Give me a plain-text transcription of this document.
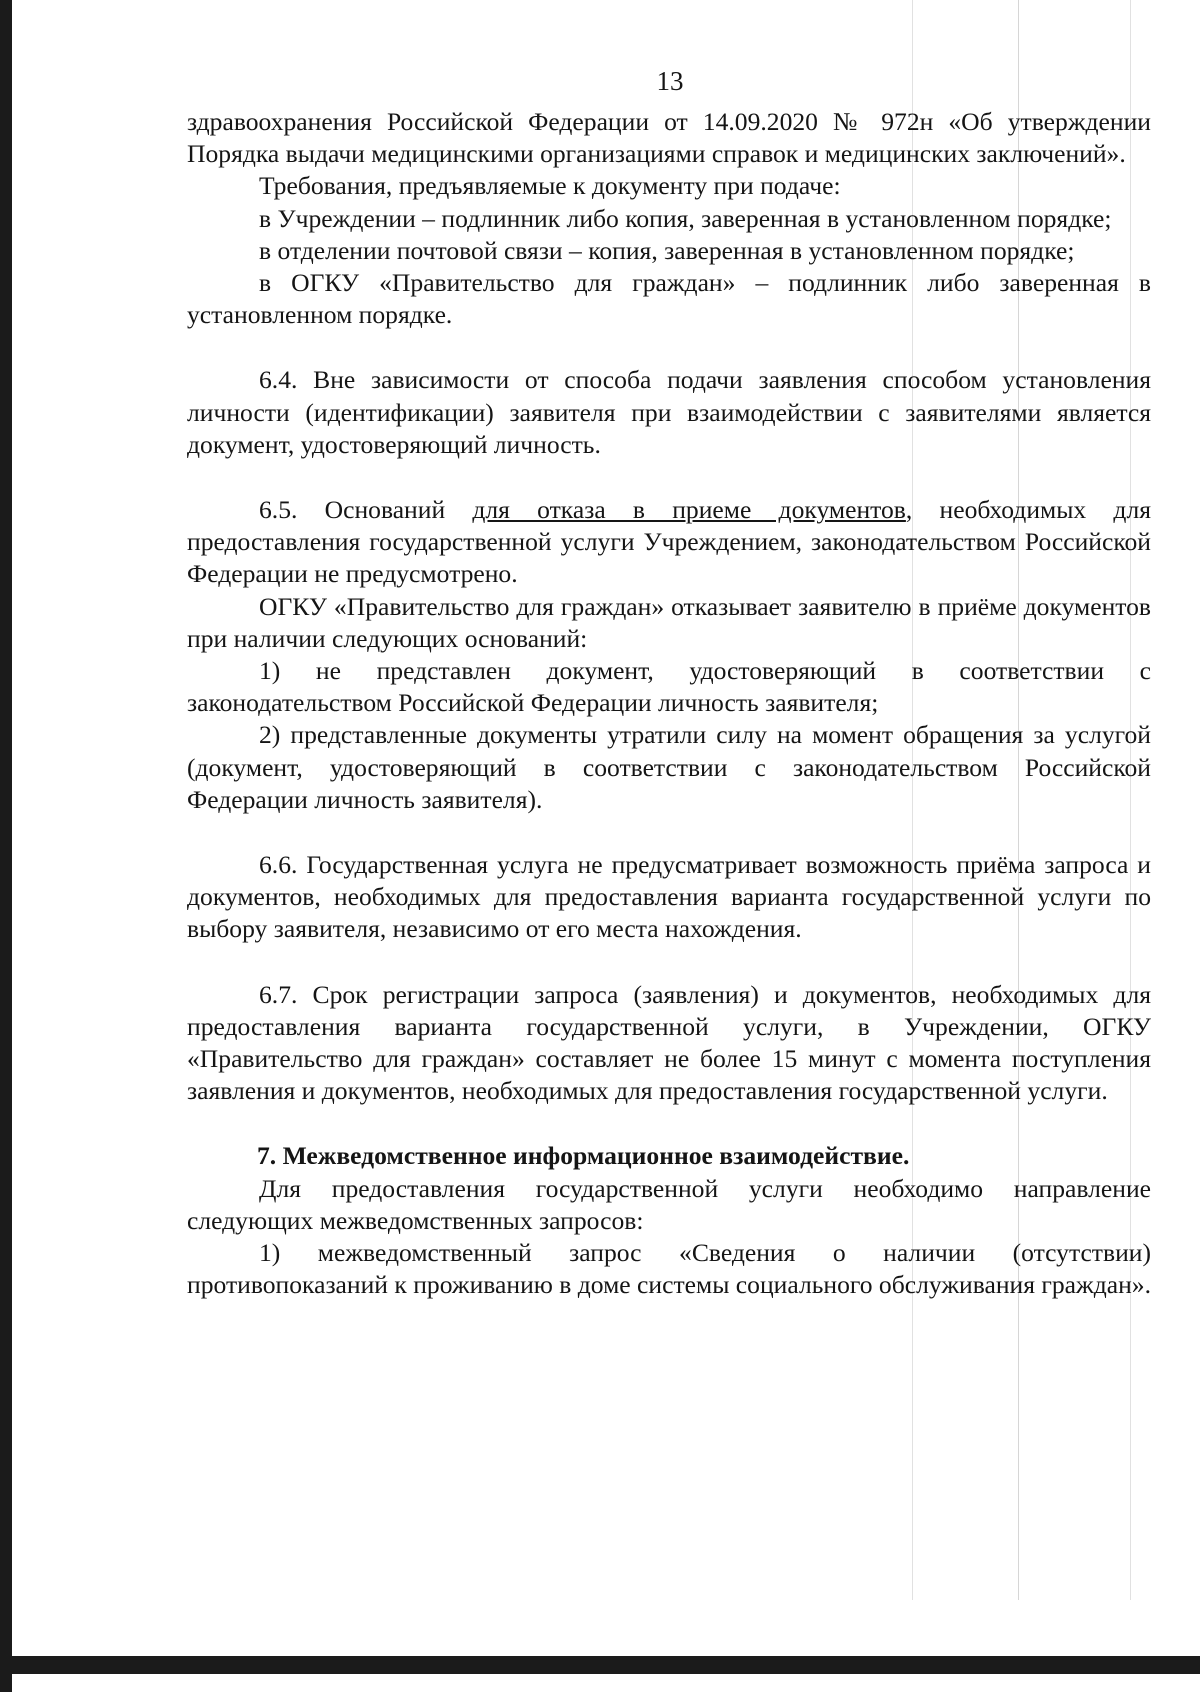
13

здравоохранения Российской Федерации от 14.09.2020 № 972н «Об утверждении Порядка выдачи медицинскими организациями справок и медицинских заключений».

Требования, предъявляемые к документу при подаче:

в Учреждении – подлинник либо копия, заверенная в установленном порядке;

в отделении почтовой связи – копия, заверенная в установленном порядке;

в ОГКУ «Правительство для граждан» – подлинник либо заверенная в установленном порядке.

6.4. Вне зависимости от способа подачи заявления способом установления личности (идентификации) заявителя при взаимодействии с заявителями является документ, удостоверяющий личность.

6.5. Оснований для отказа в приеме документов, необходимых для предоставления государственной услуги Учреждением, законодательством Российской Федерации не предусмотрено.

ОГКУ «Правительство для граждан» отказывает заявителю в приёме документов при наличии следующих оснований:

1) не представлен документ, удостоверяющий в соответствии с законодательством Российской Федерации личность заявителя;

2) представленные документы утратили силу на момент обращения за услугой (документ, удостоверяющий в соответствии с законодательством Российской Федерации личность заявителя).

6.6. Государственная услуга не предусматривает возможность приёма запроса и документов, необходимых для предоставления варианта государственной услуги по выбору заявителя, независимо от его места нахождения.

6.7. Срок регистрации запроса (заявления) и документов, необходимых для предоставления варианта государственной услуги, в Учреждении, ОГКУ «Правительство для граждан» составляет не более 15 минут с момента поступления заявления и документов, необходимых для предоставления государственной услуги.

7. Межведомственное информационное взаимодействие.

Для предоставления государственной услуги необходимо направление следующих межведомственных запросов:

1) межведомственный запрос «Сведения о наличии (отсутствии) противопоказаний к проживанию в доме системы социального обслуживания граждан».
